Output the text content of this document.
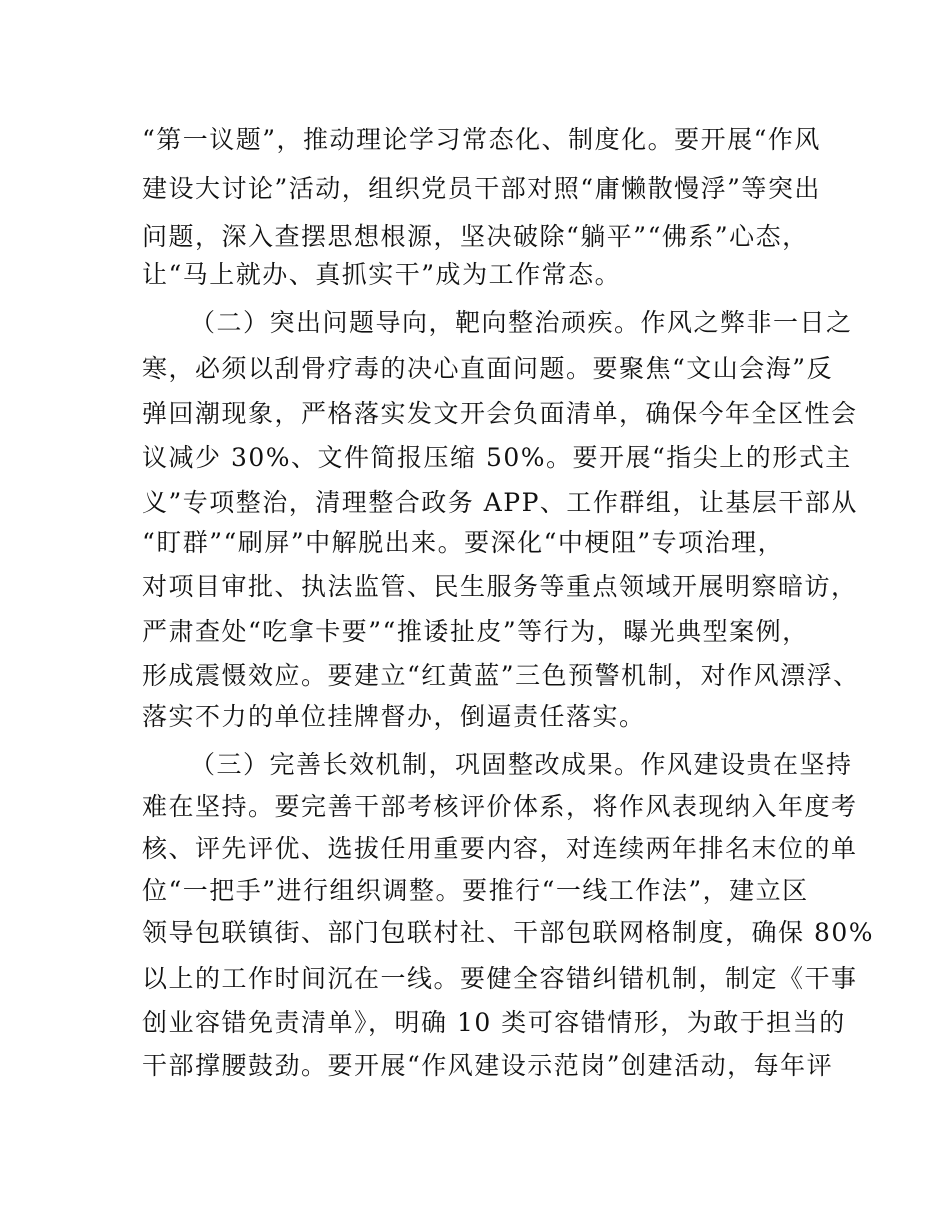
“第一议题”，推动理论学习常态化、制度化。要开展“作风
建设大讨论”活动，组织党员干部对照“庸懒散慢浮”等突出
问题，深入查摆思想根源，坚决破除“躺平”“佛系”心态，
让“马上就办、真抓实干”成为工作常态。
（二）突出问题导向，靶向整治顽疾。作风之弊非一日之
寒，必须以刮骨疗毒的决心直面问题。要聚焦“文山会海”反
弹回潮现象，严格落实发文开会负面清单，确保今年全区性会
议减少 30%、文件简报压缩 50%。要开展“指尖上的形式主
义”专项整治，清理整合政务 APP、工作群组，让基层干部从
“盯群”“刷屏”中解脱出来。要深化“中梗阻”专项治理，
对项目审批、执法监管、民生服务等重点领域开展明察暗访，
严肃查处“吃拿卡要”“推诿扯皮”等行为，曝光典型案例，
形成震慑效应。要建立“红黄蓝”三色预警机制，对作风漂浮、
落实不力的单位挂牌督办，倒逼责任落实。
（三）完善长效机制，巩固整改成果。作风建设贵在坚持
难在坚持。要完善干部考核评价体系，将作风表现纳入年度考
核、评先评优、选拔任用重要内容，对连续两年排名末位的单
位“一把手”进行组织调整。要推行“一线工作法”，建立区
领导包联镇街、部门包联村社、干部包联网格制度，确保 80%
以上的工作时间沉在一线。要健全容错纠错机制，制定《干事
创业容错免责清单》，明确 10 类可容错情形，为敢于担当的
干部撑腰鼓劲。要开展“作风建设示范岗”创建活动，每年评
